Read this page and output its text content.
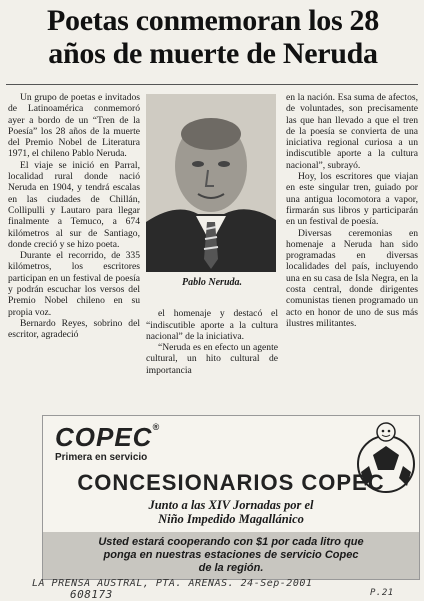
Poetas conmemoran los 28
años de muerte de Neruda

Un grupo de poetas e invitados de Latinoamérica conmemoró ayer a bordo de un “Tren de la Poesía” los 28 años de la muerte del Premio Nobel de Literatura 1971, el chileno Pablo Neruda.

El viaje se inició en Parral, localidad rural donde nació Neruda en 1904, y tendrá escalas en las ciudades de Chillán, Collipulli y Lautaro para llegar finalmente a Temuco, a 674 kilómetros al sur de Santiago, donde creció y se hizo poeta.

Durante el recorrido, de 335 kilómetros, los escritores participan en un festival de poesía y podrán escuchar los versos del Premio Nobel chileno en su propia voz.

Bernardo Reyes, sobrino del escritor, agradeció

Pablo Neruda.

el homenaje y destacó el “indiscutible aporte a la cultura nacional” de la iniciativa.

“Neruda es en efecto un agente cultural, un hito cultural de importancia

en la nación. Esa suma de afectos, de voluntades, son precisamente las que han llevado a que el tren de la poesía se convierta de una iniciativa regional curiosa a un indiscutible aporte a la cultura nacional”, subrayó.

Hoy, los escritores que viajan en este singular tren, guiado por una antigua locomotora a vapor, firmarán sus libros y participarán en un festival de poesía.

Diversas ceremonias en homenaje a Neruda han sido programadas en diversas localidades del país, incluyendo una en su casa de Isla Negra, en la costa central, donde dirigentes comunistas tienen programado un acto en honor de uno de sus más ilustres militantes.

COPEC®
Primera en servicio
CONCESIONARIOS COPEC
Junto a las XIV Jornadas por el
Niño Impedido Magallánico
Usted estará cooperando con $1 por cada litro que
ponga en nuestras estaciones de servicio Copec
de la región.
LA PRENSA AUSTRAL, PTA. ARENAS. 24-Sep-2001
608173	P.21
